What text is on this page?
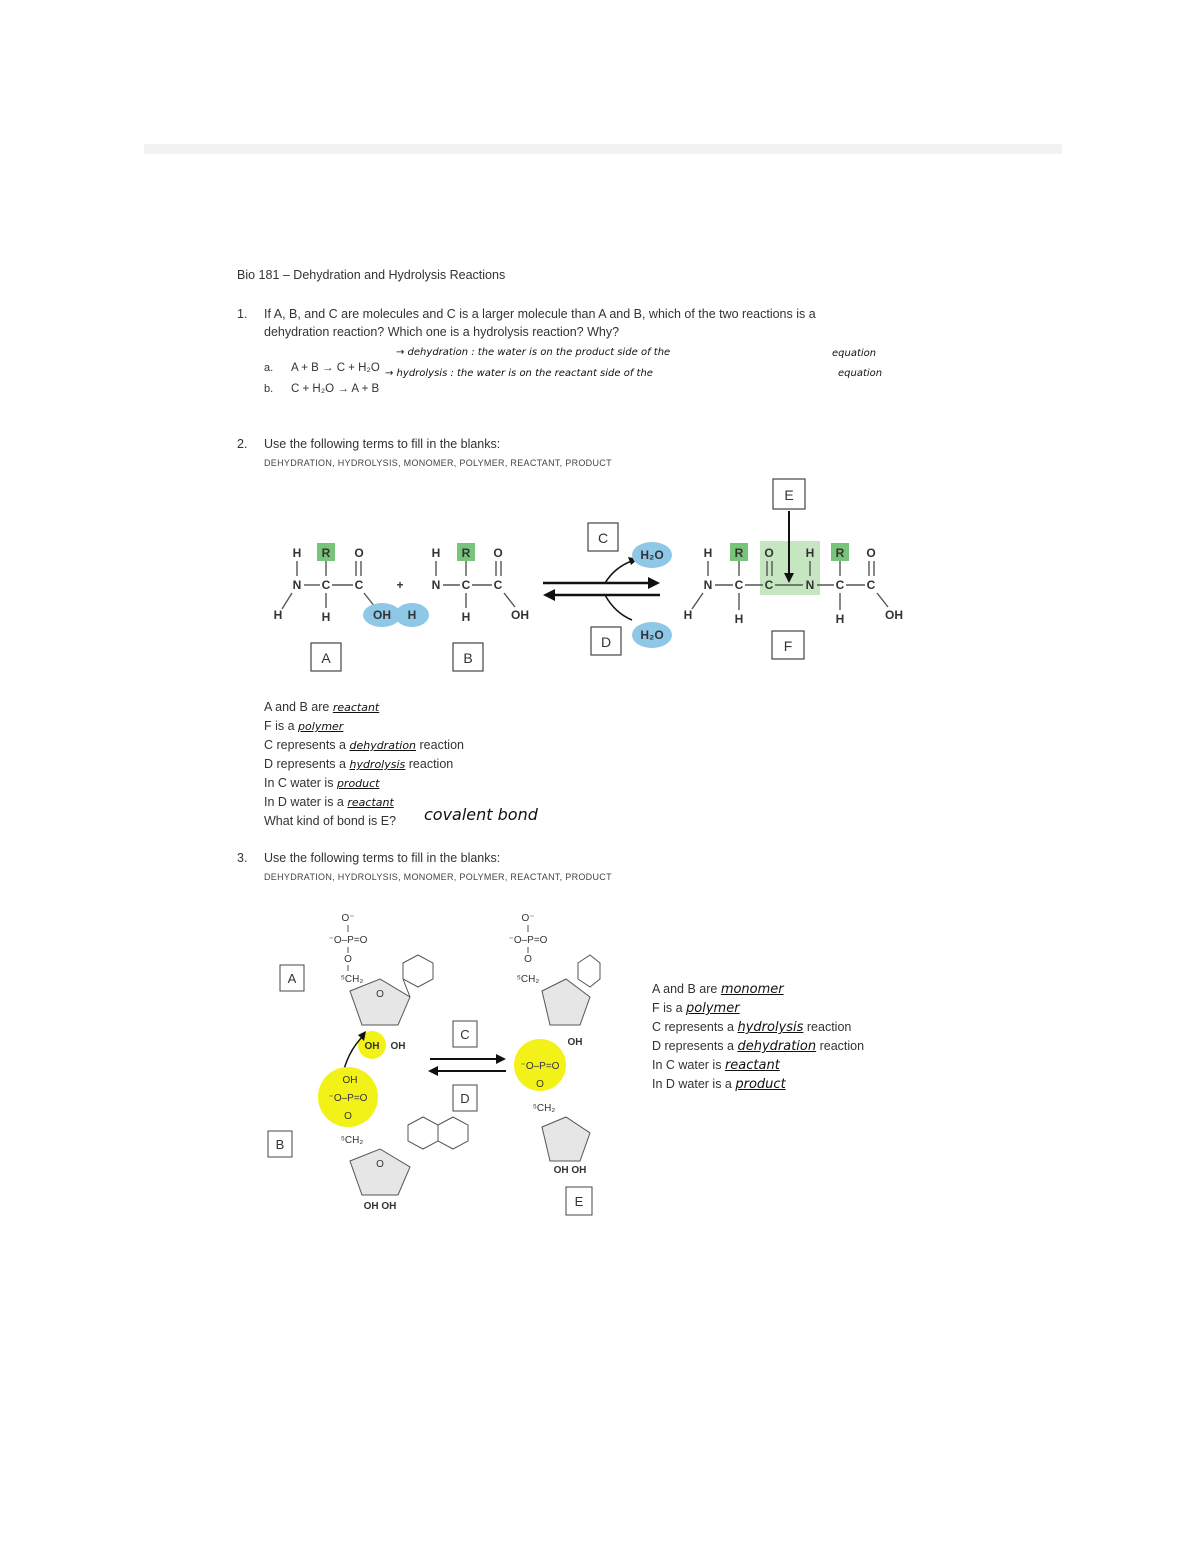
Bio 181 – Dehydration and Hydrolysis Reactions
1. If A, B, and C are molecules and C is a larger molecule than A and B, which of the two reactions is a
dehydration reaction? Which one is a hydrolysis reaction? Why?
a. A + B → C + H₂O
→ dehydration : the water is on the product side of the	equation
b. C + H₂O → A + B
→ hydrolysis : the water is on the reactant side of the	equation
2. Use the following terms to fill in the blanks:
DEHYDRATION, HYDROLYSIS, MONOMER, POLYMER, REACTANT, PRODUCT
H R O
N C C
H	H	OH H
+
H R O
N C C
H	OH
A	B
H₂O
H₂O
C
D
H R O	H R O
N C C	N C C
H	H	H	OH
E
F
A and B are reactant
F is a polymer
C represents a dehydration reaction
D represents a hydrolysis reaction
In C water is product
In D water is a reactant
What kind of bond is E? covalent bond
3. Use the following terms to fill in the blanks:
DEHYDRATION, HYDROLYSIS, MONOMER, POLYMER, REACTANT, PRODUCT
O⁻
⁻O–P=O
O
⁵CH₂
O
A
OH OH
OH
⁻O–P=O
O
⁵CH₂
O
OH OH
B
C
D
O⁻
⁻O–P=O
O
⁵CH₂
OH
⁻O–P=O
O
⁵CH₂
OH OH
E
A and B are monomer
F is a polymer
C represents a hydrolysis reaction
D represents a dehydration reaction
In C water is reactant
In D water is a product
